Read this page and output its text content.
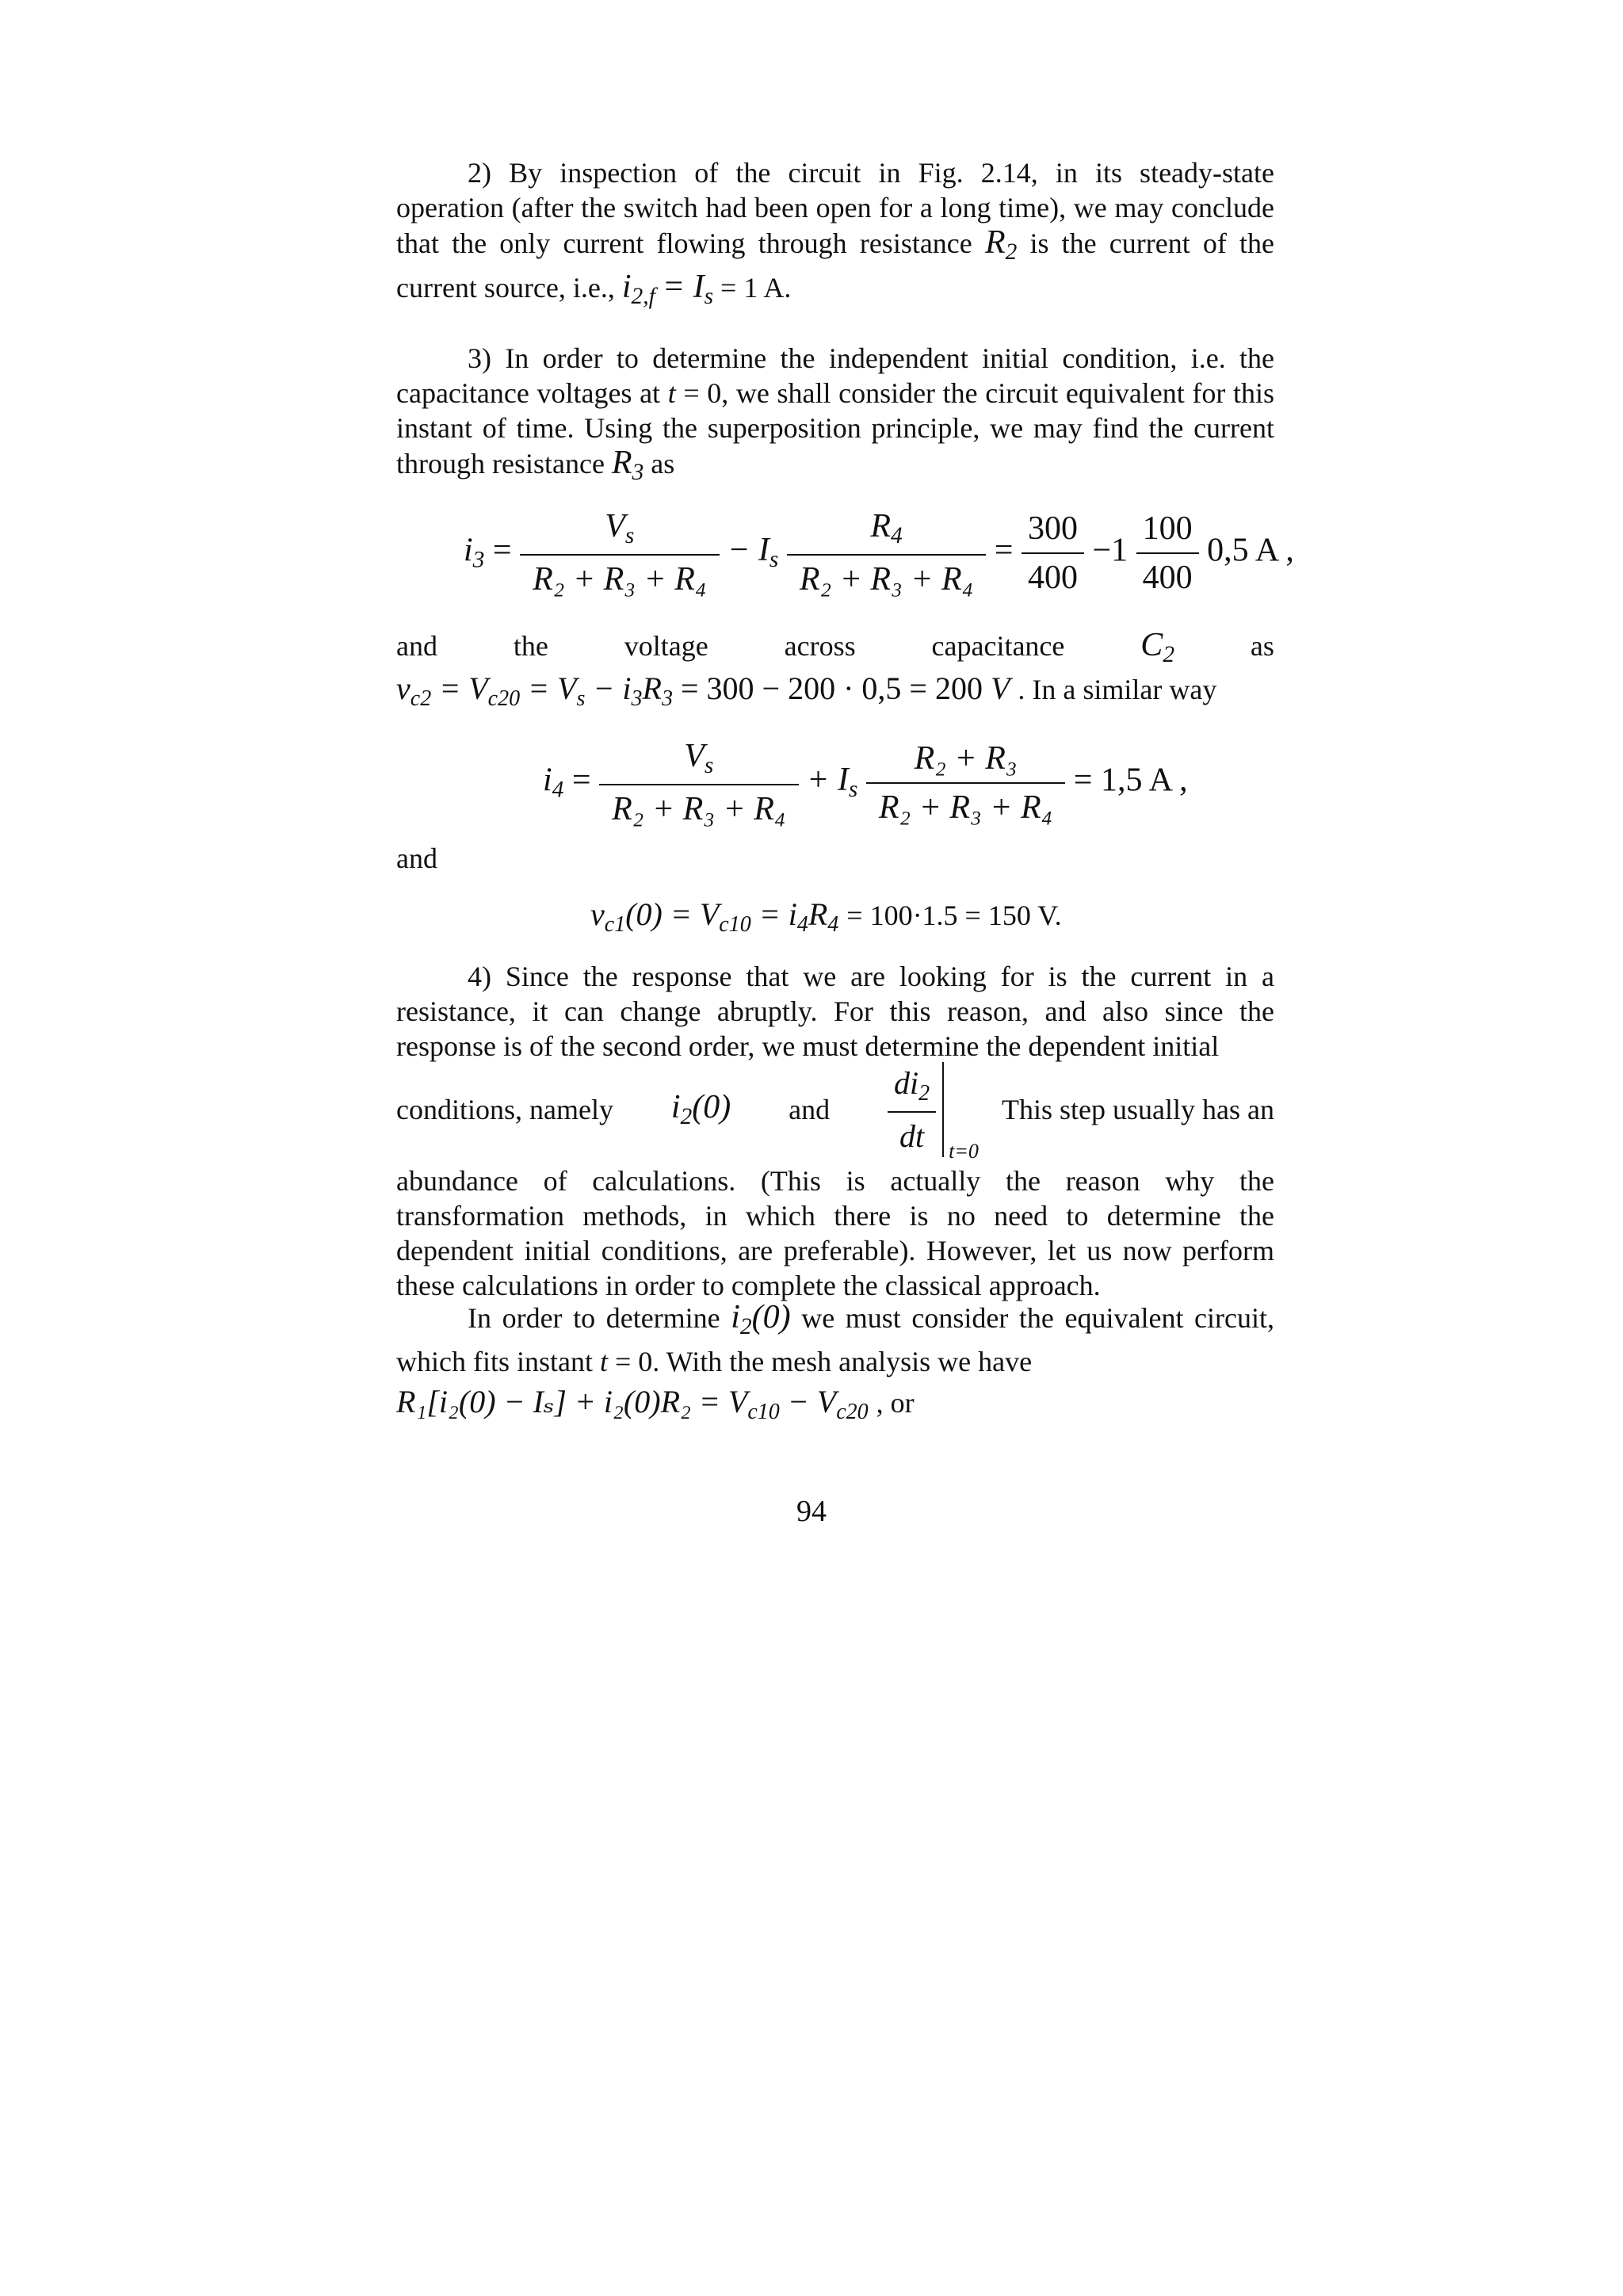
2) By inspection of the circuit in Fig. 2.14, in its steady-state operation (after the switch had been open for a long time), we may conclude that the only current flowing through resistance $R_2$ is the current of the current source, i.e., $i_{2,f} = I_s = 1$ A.

3) In order to determine the independent initial condition, i.e. the capacitance voltages at t = 0, we shall consider the circuit equivalent for this instant of time. Using the superposition principle, we may find the current through resistance $R_3$ as

$i_3 = \frac{V_s}{\text{R₂ + R₃ + R₄}} - I_s \frac{R_4}{\text{R₂ + R₃ + R₄}} = \frac{300}{400} -1 \frac{100}{400} 0,5$ A ,
and	the	voltage	across	capacitance $C_2$	as
$v_{c2} = V_{c20} = V_s - i_3R_3 = 300 - 200 \cdot 0,5 = 200$ V . In a similar way
$i_4 = \frac{V_s}{\text{R₂ + R₃ + R₄}} + I_s \frac{\text{R₂ + R₃}}{\text{R₂ + R₃ + R₄}} = 1,5$ A ,
and
$v_{c1}(0) = V_{c10} = i_4R_4 = 100\cdot 1.5 = 150$ V.

4) Since the response that we are looking for is the current in a resistance, it can change abruptly. For this reason, and also since the response is of the second order, we must determine the dependent initial

conditions, namely $i_2(0)$ and $\frac{di_2}{dt} t=0$
This step usually has an

abundance of calculations. (This is actually the reason why the transformation methods, in which there is no need to determine the dependent initial conditions, are preferable). However, let us now perform these calculations in order to complete the classical approach.

In order to determine $i_2(0)$ we must consider the equivalent circuit, which fits instant t = 0. With the mesh analysis we have

$R_1[i_2(0) - I_s] + i_2(0)R_2 = V_{c10} - V_{c20}$ , or
94
